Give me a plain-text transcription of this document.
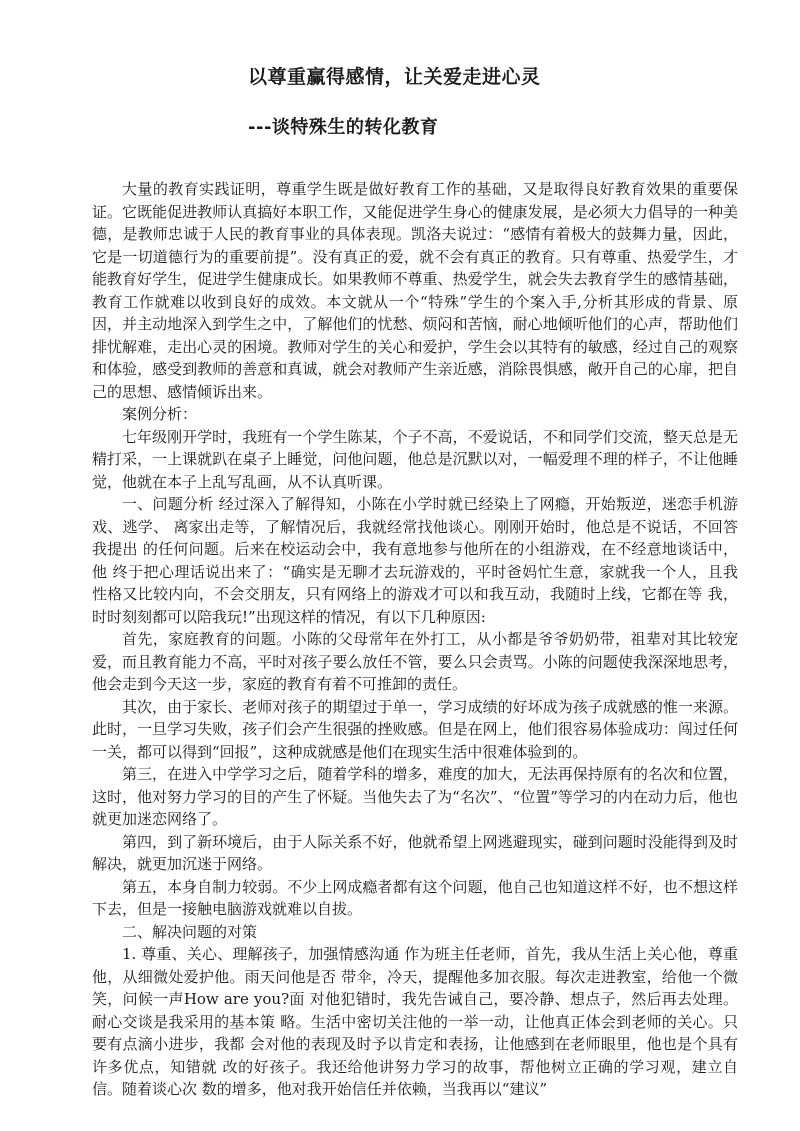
以尊重赢得感情，让关爱走进心灵
---谈特殊生的转化教育

大量的教育实践证明，尊重学生既是做好教育工作的基础，又是取得良好教育效果的重要保证。它既能促进教师认真搞好本职工作，又能促进学生身心的健康发展，是必须大力倡导的一种美德，是教师忠诚于人民的教育事业的具体表现。凯洛夫说过：“感情有着极大的鼓舞力量，因此，它是一切道德行为的重要前提”。没有真正的爱，就不会有真正的教育。只有尊重、热爱学生，才能教育好学生，促进学生健康成长。如果教师不尊重、热爱学生，就会失去教育学生的感情基础，教育工作就难以收到良好的成效。本文就从一个“特殊”学生的个案入手,分析其形成的背景、原因，并主动地深入到学生之中，了解他们的忧愁、烦闷和苦恼，耐心地倾听他们的心声，帮助他们排忧解难，走出心灵的困境。教师对学生的关心和爱护，学生会以其特有的敏感，经过自己的观察和体验，感受到教师的善意和真诚，就会对教师产生亲近感，消除畏惧感，敞开自己的心扉，把自己的思想、感情倾诉出来。

案例分析：

七年级刚开学时，我班有一个学生陈某，个子不高，不爱说话，不和同学们交流，整天总是无精打采，一上课就趴在桌子上睡觉，问他问题，他总是沉默以对，一幅爱理不理的样子，不让他睡觉，他就在本子上乱写乱画，从不认真听课。

一、问题分析 经过深入了解得知，小陈在小学时就已经染上了网瘾，开始叛逆，迷恋手机游戏、逃学、 离家出走等，了解情况后，我就经常找他谈心。刚刚开始时，他总是不说话，不回答我提出 的任何问题。后来在校运动会中，我有意地参与他所在的小组游戏，在不经意地谈话中，他 终于把心理话说出来了：“确实是无聊才去玩游戏的，平时爸妈忙生意，家就我一个人，且我 性格又比较内向，不会交朋友，只有网络上的游戏才可以和我互动，我随时上线，它都在等 我，时时刻刻都可以陪我玩!”出现这样的情况，有以下几种原因:

首先，家庭教育的问题。小陈的父母常年在外打工，从小都是爷爷奶奶带，祖辈对其比较宠爱，而且教育能力不高，平时对孩子要么放任不管，要么只会责骂。小陈的问题使我深深地思考，他会走到今天这一步，家庭的教育有着不可推卸的责任。

其次，由于家长、老师对孩子的期望过于单一，学习成绩的好坏成为孩子成就感的惟一来源。此时，一旦学习失败，孩子们会产生很强的挫败感。但是在网上，他们很容易体验成功：闯过任何一关，都可以得到“回报”，这种成就感是他们在现实生活中很难体验到的。

第三，在进入中学学习之后，随着学科的增多，难度的加大，无法再保持原有的名次和位置，这时，他对努力学习的目的产生了怀疑。当他失去了为“名次”、“位置”等学习的内在动力后，他也就更加迷恋网络了。

第四，到了新环境后，由于人际关系不好，他就希望上网逃避现实，碰到问题时没能得到及时解决，就更加沉迷于网络。

第五，本身自制力较弱。不少上网成瘾者都有这个问题，他自己也知道这样不好，也不想这样下去，但是一接触电脑游戏就难以自拔。

二、解决问题的对策

1. 尊重、关心、理解孩子，加强情感沟通 作为班主任老师，首先，我从生活上关心他，尊重他，从细微处爱护他。雨天问他是否 带伞，冷天，提醒他多加衣服。每次走进教室，给他一个微笑，问候一声How are you?面 对他犯错时，我先告诫自己，要冷静、想点子，然后再去处理。耐心交谈是我采用的基本策 略。生活中密切关注他的一举一动，让他真正体会到老师的关心。只要有点滴小进步，我都 会对他的表现及时予以肯定和表扬，让他感到在老师眼里，他也是个具有许多优点，知错就 改的好孩子。我还给他讲努力学习的故事，帮他树立正确的学习观，建立自信。随着谈心次 数的增多，他对我开始信任并依赖，当我再以“建议”
